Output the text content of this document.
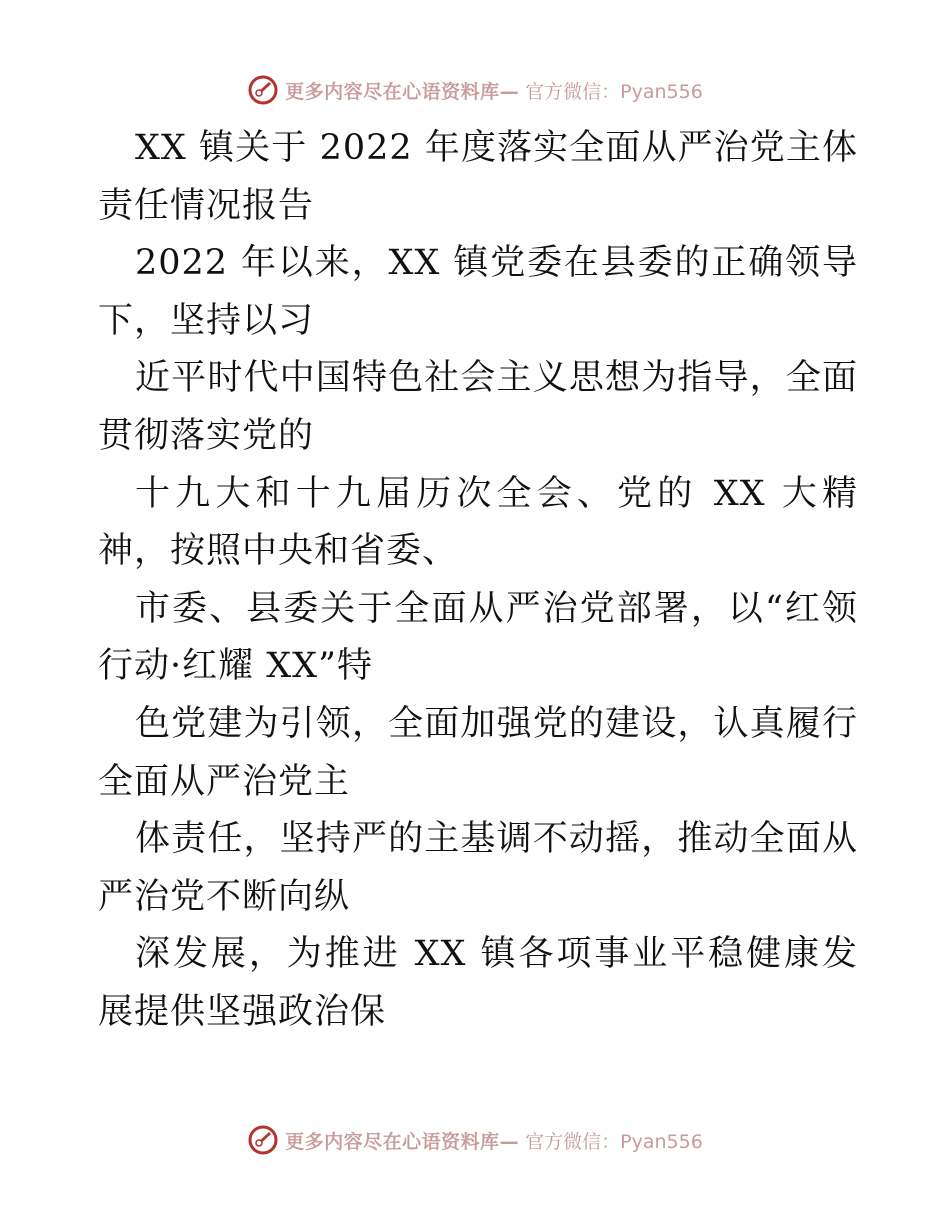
更多内容尽在心语资料库— 官方微信：Pyan556

XX 镇关于 2022 年度落实全面从严治党主体责任情况报告

2022 年以来，XX 镇党委在县委的正确领导下，坚持以习

近平时代中国特色社会主义思想为指导，全面贯彻落实党的

十九大和十九届历次全会、党的 XX 大精神，按照中央和省委、

市委、县委关于全面从严治党部署，以“红领行动·红耀 XX”特

色党建为引领，全面加强党的建设，认真履行全面从严治党主

体责任，坚持严的主基调不动摇，推动全面从严治党不断向纵

深发展，为推进 XX 镇各项事业平稳健康发展提供坚强政治保

更多内容尽在心语资料库— 官方微信：Pyan556
